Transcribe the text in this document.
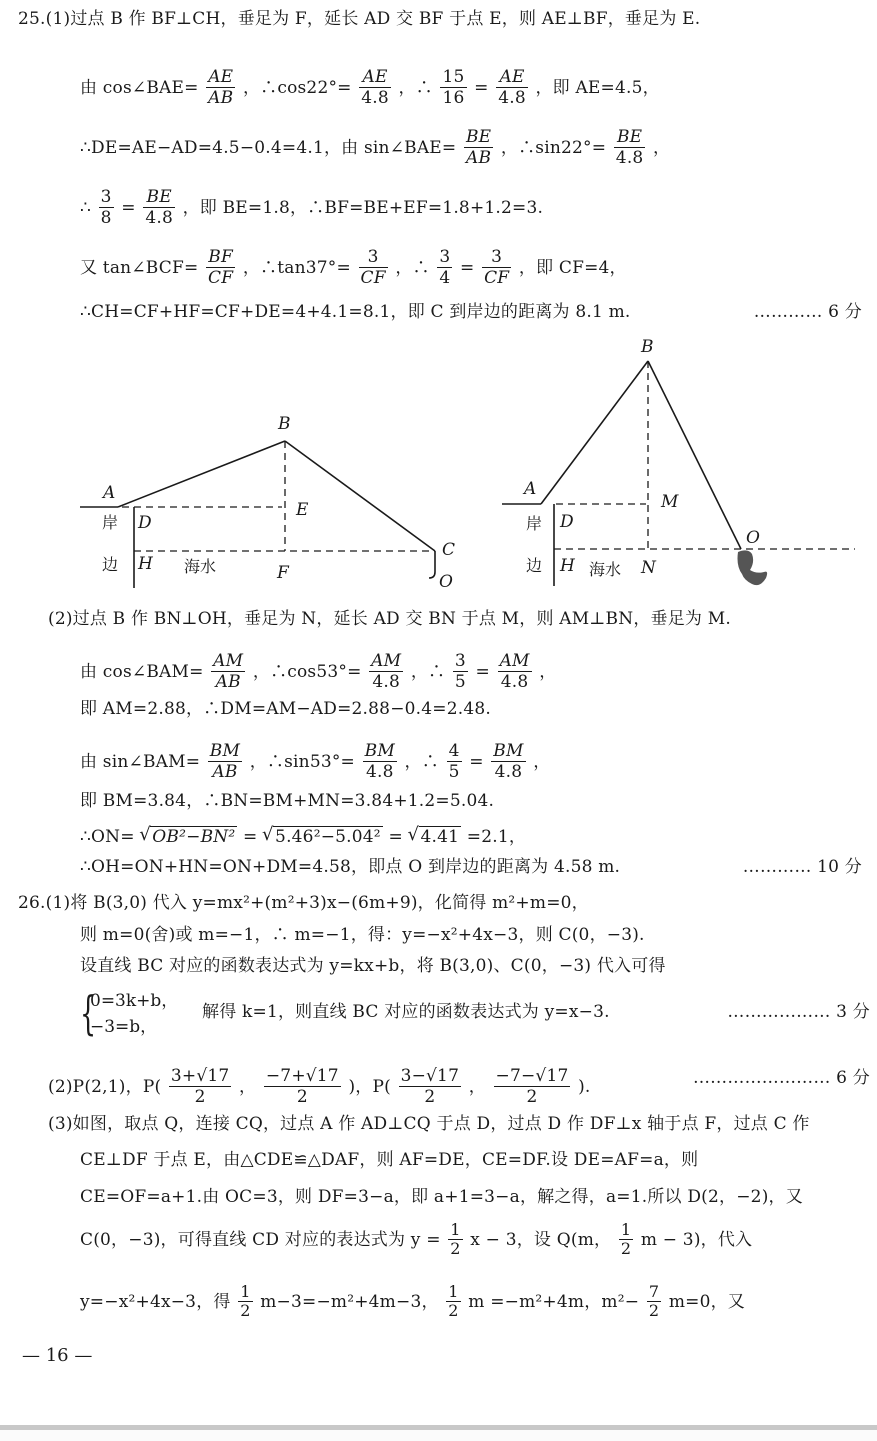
25.(1)过点 B 作 BF⊥CH，垂足为 F，延长 AD 交 BF 于点 E，则 AE⊥BF，垂足为 E.
由 cos∠BAE= $\frac{AE}{AB}$ ，∴cos22°= $\frac{AE}{4.8}$ ，∴ $\frac{15}{16} = \frac{AE}{4.8}$ ，即 AE=4.5，
∴DE=AE−AD=4.5−0.4=4.1，由 sin∠BAE= $\frac{BE}{AB}$ ，∴sin22°= $\frac{BE}{4.8}$ ，
∴ $\frac{3}{8} = \frac{BE}{4.8}$ ，即 BE=1.8，∴BF=BE+EF=1.8+1.2=3.
又 tan∠BCF= $\frac{BF}{CF}$ ，∴tan37°= $\frac{3}{CF}$ ，∴ $\frac{3}{4} = \frac{3}{CF}$ ，即 CF=4，
∴CH=CF+HF=CF+DE=4+4.1=8.1，即 C 到岸边的距离为 8.1 m.	………… 6 分
A
B
C
D
E
F
H
O
岸
边	海水
A
B
D
M
H	N
O
岸
边	海水
(2)过点 B 作 BN⊥OH，垂足为 N，延长 AD 交 BN 于点 M，则 AM⊥BN，垂足为 M.
由 cos∠BAM= $\frac{AM}{AB}$ ，∴cos53°= $\frac{AM}{4.8}$ ，∴ $\frac{3}{5} = \frac{AM}{4.8}$ ，
即 AM=2.88，∴DM=AM−AD=2.88−0.4=2.48.
由 sin∠BAM= $\frac{BM}{AB}$ ，∴sin53°= $\frac{BM}{4.8}$ ，∴ $\frac{4}{5} = \frac{BM}{4.8}$ ，
即 BM=3.84，∴BN=BM+MN=3.84+1.2=5.04.
∴ON= √ OB²−BN² = √ 5.46²−5.04² = √ 4.41 =2.1，
∴OH=ON+HN=ON+DM=4.58，即点 O 到岸边的距离为 4.58 m.	………… 10 分
26.(1)将 B(3,0) 代入 y=mx²+(m²+3)x−(6m+9)，化简得 m²+m=0，
则 m=0(舍)或 m=−1，∴ m=−1，得：y=−x²+4x−3，则 C(0，−3).
设直线 BC 对应的函数表达式为 y=kx+b，将 B(3,0)、C(0，−3) 代入可得
{
0=3k+b，
−3=b，
解得 k=1，则直线 BC 对应的函数表达式为 y=x−3.	……………… 3 分
(2)P(2,1)，$P( \frac{3+√17}{2}$ ， $\frac{-7+√17}{2}$ )，$P( \frac{3-√17}{2}$ ， $\frac{-7-√17}{2}$ ).	…………………… 6 分
(3)如图，取点 Q，连接 CQ，过点 A 作 AD⊥CQ 于点 D，过点 D 作 DF⊥x 轴于点 F，过点 C 作
CE⊥DF 于点 E，由△CDE≌△DAF，则 AF=DE，CE=DF.设 DE=AF=a，则
CE=OF=a+1.由 OC=3，则 DF=3−a，即 a+1=3−a，解之得，a=1.所以 D(2，−2)，又
C(0，−3)，可得直线 CD 对应的表达式为 $y = \frac{1}{2}$ x − 3，设 Q(m， $\frac{1}{2}$ m − 3)，代入
y=−x²+4x−3，得 $\frac{1}{2} m-3=-m^2+4m-3$， $\frac{1}{2}$ m =−m²+4m，$m^2- \frac{7}{2} m=0$，又
— 16 —
